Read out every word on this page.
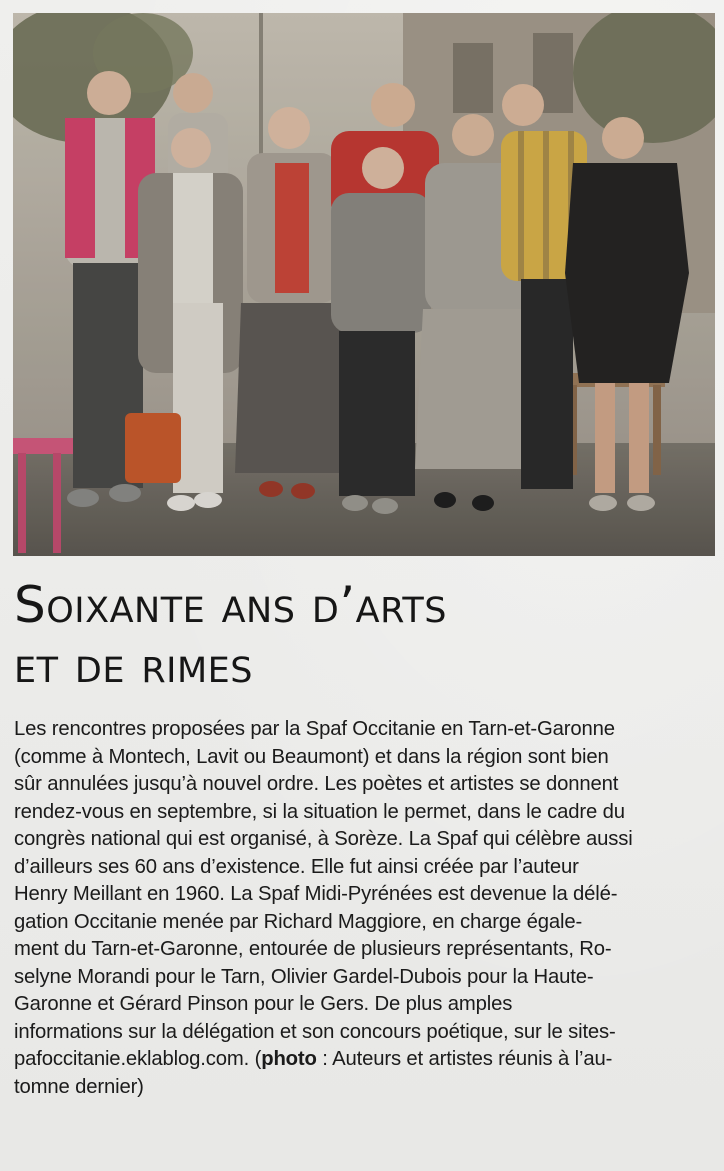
Soixante ans d’arts
et de rimes
Les rencontres proposées par la Spaf Occitanie en Tarn-et-Garonne
(comme à Montech, Lavit ou Beaumont) et dans la région sont bien
sûr annulées jusqu’à nouvel ordre. Les poètes et artistes se donnent
rendez-vous en septembre, si la situation le permet, dans le cadre du
congrès national qui est organisé, à Sorèze. La Spaf qui célèbre aussi
d’ailleurs ses 60 ans d’existence. Elle fut ainsi créée par l’auteur
Henry Meillant en 1960. La Spaf Midi-Pyrénées est devenue la délé-
gation Occitanie menée par Richard Maggiore, en charge égale-
ment du Tarn-et-Garonne, entourée de plusieurs représentants, Ro-
selyne Morandi pour le Tarn, Olivier Gardel-Dubois pour la Haute-
Garonne et Gérard Pinson pour le Gers. De plus amples
informations sur la délégation et son concours poétique, sur le sites-
pafoccitanie.eklablog.com. (photo : Auteurs et artistes réunis à l’au-
tomne dernier)
